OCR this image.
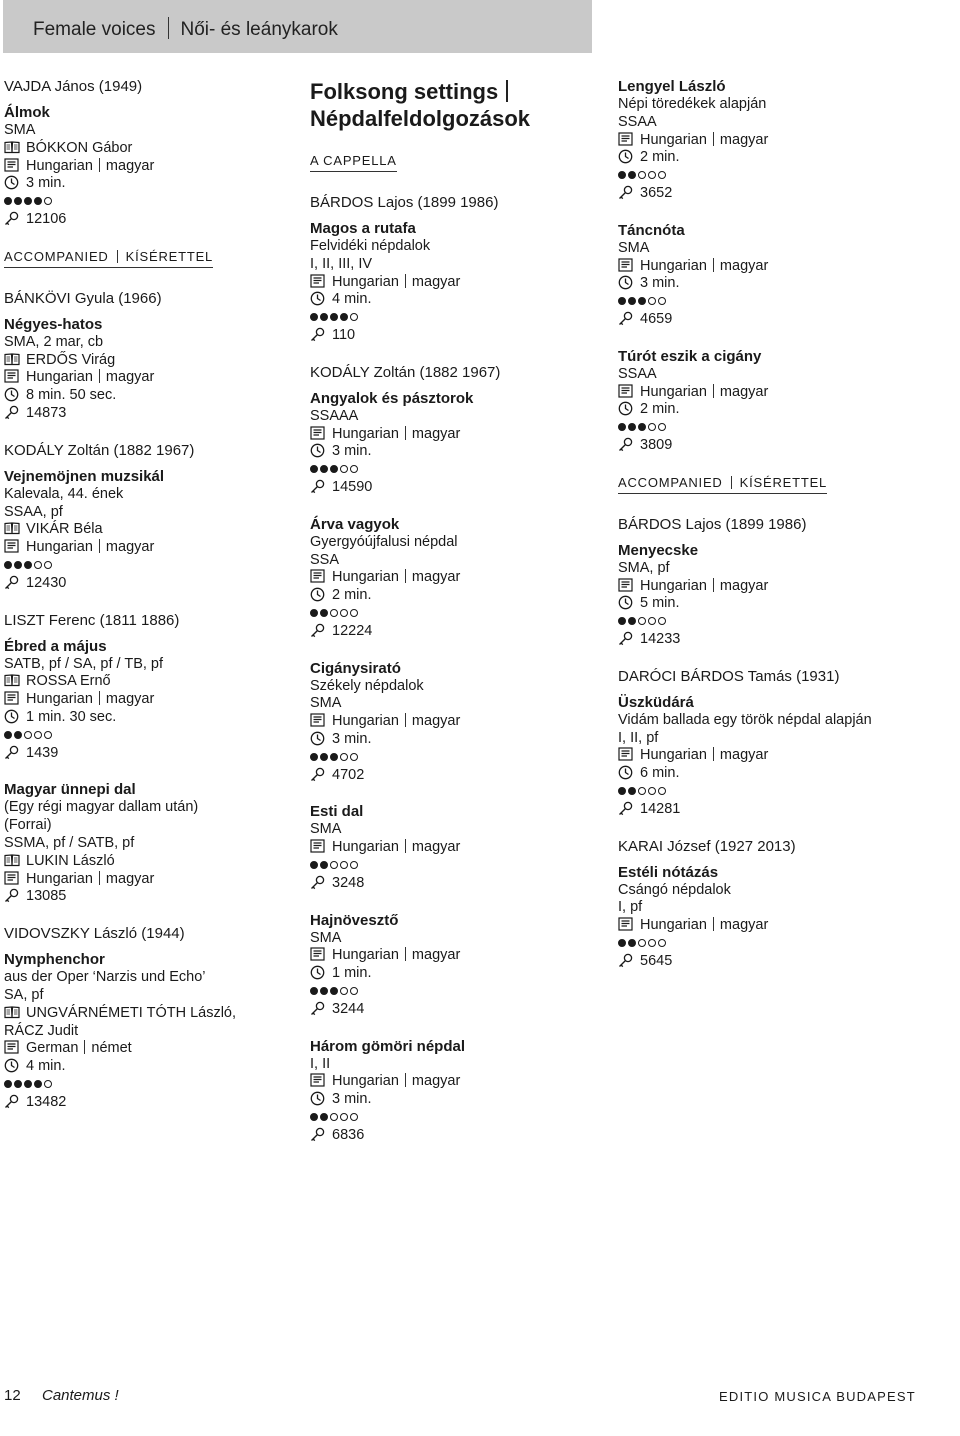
Female voices Női- és leánykarok
VAJDA János (1949)
Álmok
SMA
BÓKKON Gábor
Hungarian magyar
3 min.
12106
ACCOMPANIED KÍSÉRETTEL
BÁNKÖVI Gyula (1966)
Négyes-hatos
SMA, 2 mar, cb
ERDŐS Virág
Hungarian magyar
8 min. 50 sec.
14873
KODÁLY Zoltán (1882 1967)
Vejnemöjnen muzsikál
Kalevala, 44. ének
SSAA, pf
VIKÁR Béla
Hungarian magyar
12430
LISZT Ferenc (1811 1886)
Ébred a május
SATB, pf / SA, pf / TB, pf
ROSSA Ernő
Hungarian magyar
1 min. 30 sec.
1439
Magyar ünnepi dal
(Egy régi magyar dallam után)
(Forrai)
SSMA, pf / SATB, pf
LUKIN László
Hungarian magyar
13085
VIDOVSZKY László (1944)
Nymphenchor
aus der Oper ‘Narzis und Echo’
SA, pf
UNGVÁRNÉMETI TÓTH László,
RÁCZ Judit
German német
4 min.
13482
Folksong settings
Népdalfeldolgozások
A CAPPELLA
BÁRDOS Lajos (1899 1986)
Magos a rutafa
Felvidéki népdalok
I, II, III, IV
Hungarian magyar
4 min.
110
KODÁLY Zoltán (1882 1967)
Angyalok és pásztorok
SSAAA
Hungarian magyar
3 min.
14590
Árva vagyok
Gyergyóújfalusi népdal
SSA
Hungarian magyar
2 min.
12224
Cigánysirató
Székely népdalok
SMA
Hungarian magyar
3 min.
4702
Esti dal
SMA
Hungarian magyar
3248
Hajnövesztő
SMA
Hungarian magyar
1 min.
3244
Három gömöri népdal
I, II
Hungarian magyar
3 min.
6836
Lengyel László
Népi töredékek alapján
SSAA
Hungarian magyar
2 min.
3652
Táncnóta
SMA
Hungarian magyar
3 min.
4659
Túrót eszik a cigány
SSAA
Hungarian magyar
2 min.
3809
ACCOMPANIED KÍSÉRETTEL
BÁRDOS Lajos (1899 1986)
Menyecske
SMA, pf
Hungarian magyar
5 min.
14233
DARÓCI BÁRDOS Tamás (1931)
Üszküdárá
Vidám ballada egy török népdal alapján
I, II, pf
Hungarian magyar
6 min.
14281
KARAI József (1927 2013)
Estéli nótázás
Csángó népdalok
I, pf
Hungarian magyar
5645
12 Cantemus !	EDITIO MUSICA BUDAPEST
